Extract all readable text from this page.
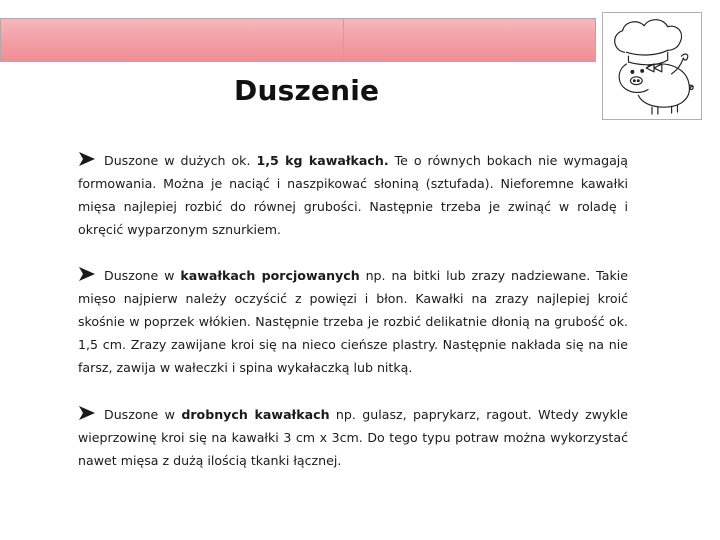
Duszenie

Duszone w dużych ok. 1,5 kg kawałkach. Te o równych bokach nie wymagają formowania. Można je naciąć i naszpikować słoniną (sztufada). Nieforemne kawałki mięsa najlepiej rozbić do równej grubości. Następnie trzeba je zwinąć w roladę i okręcić wyparzonym sznurkiem.

Duszone w kawałkach porcjowanych np. na bitki lub zrazy nadziewane. Takie mięso najpierw należy oczyścić z powięzi i błon. Kawałki na zrazy najlepiej kroić skośnie w poprzek włókien. Następnie trzeba je rozbić delikatnie dłonią na grubość ok. 1,5 cm. Zrazy zawijane kroi się na nieco cieńsze plastry. Następnie nakłada się na nie farsz, zawija w wałeczki i spina wykałaczką lub nitką.

Duszone w drobnych kawałkach np. gulasz, paprykarz, ragout. Wtedy zwykle wieprzowinę kroi się na kawałki 3 cm x 3cm. Do tego typu potraw można wykorzystać nawet mięsa z dużą ilością tkanki łącznej.
